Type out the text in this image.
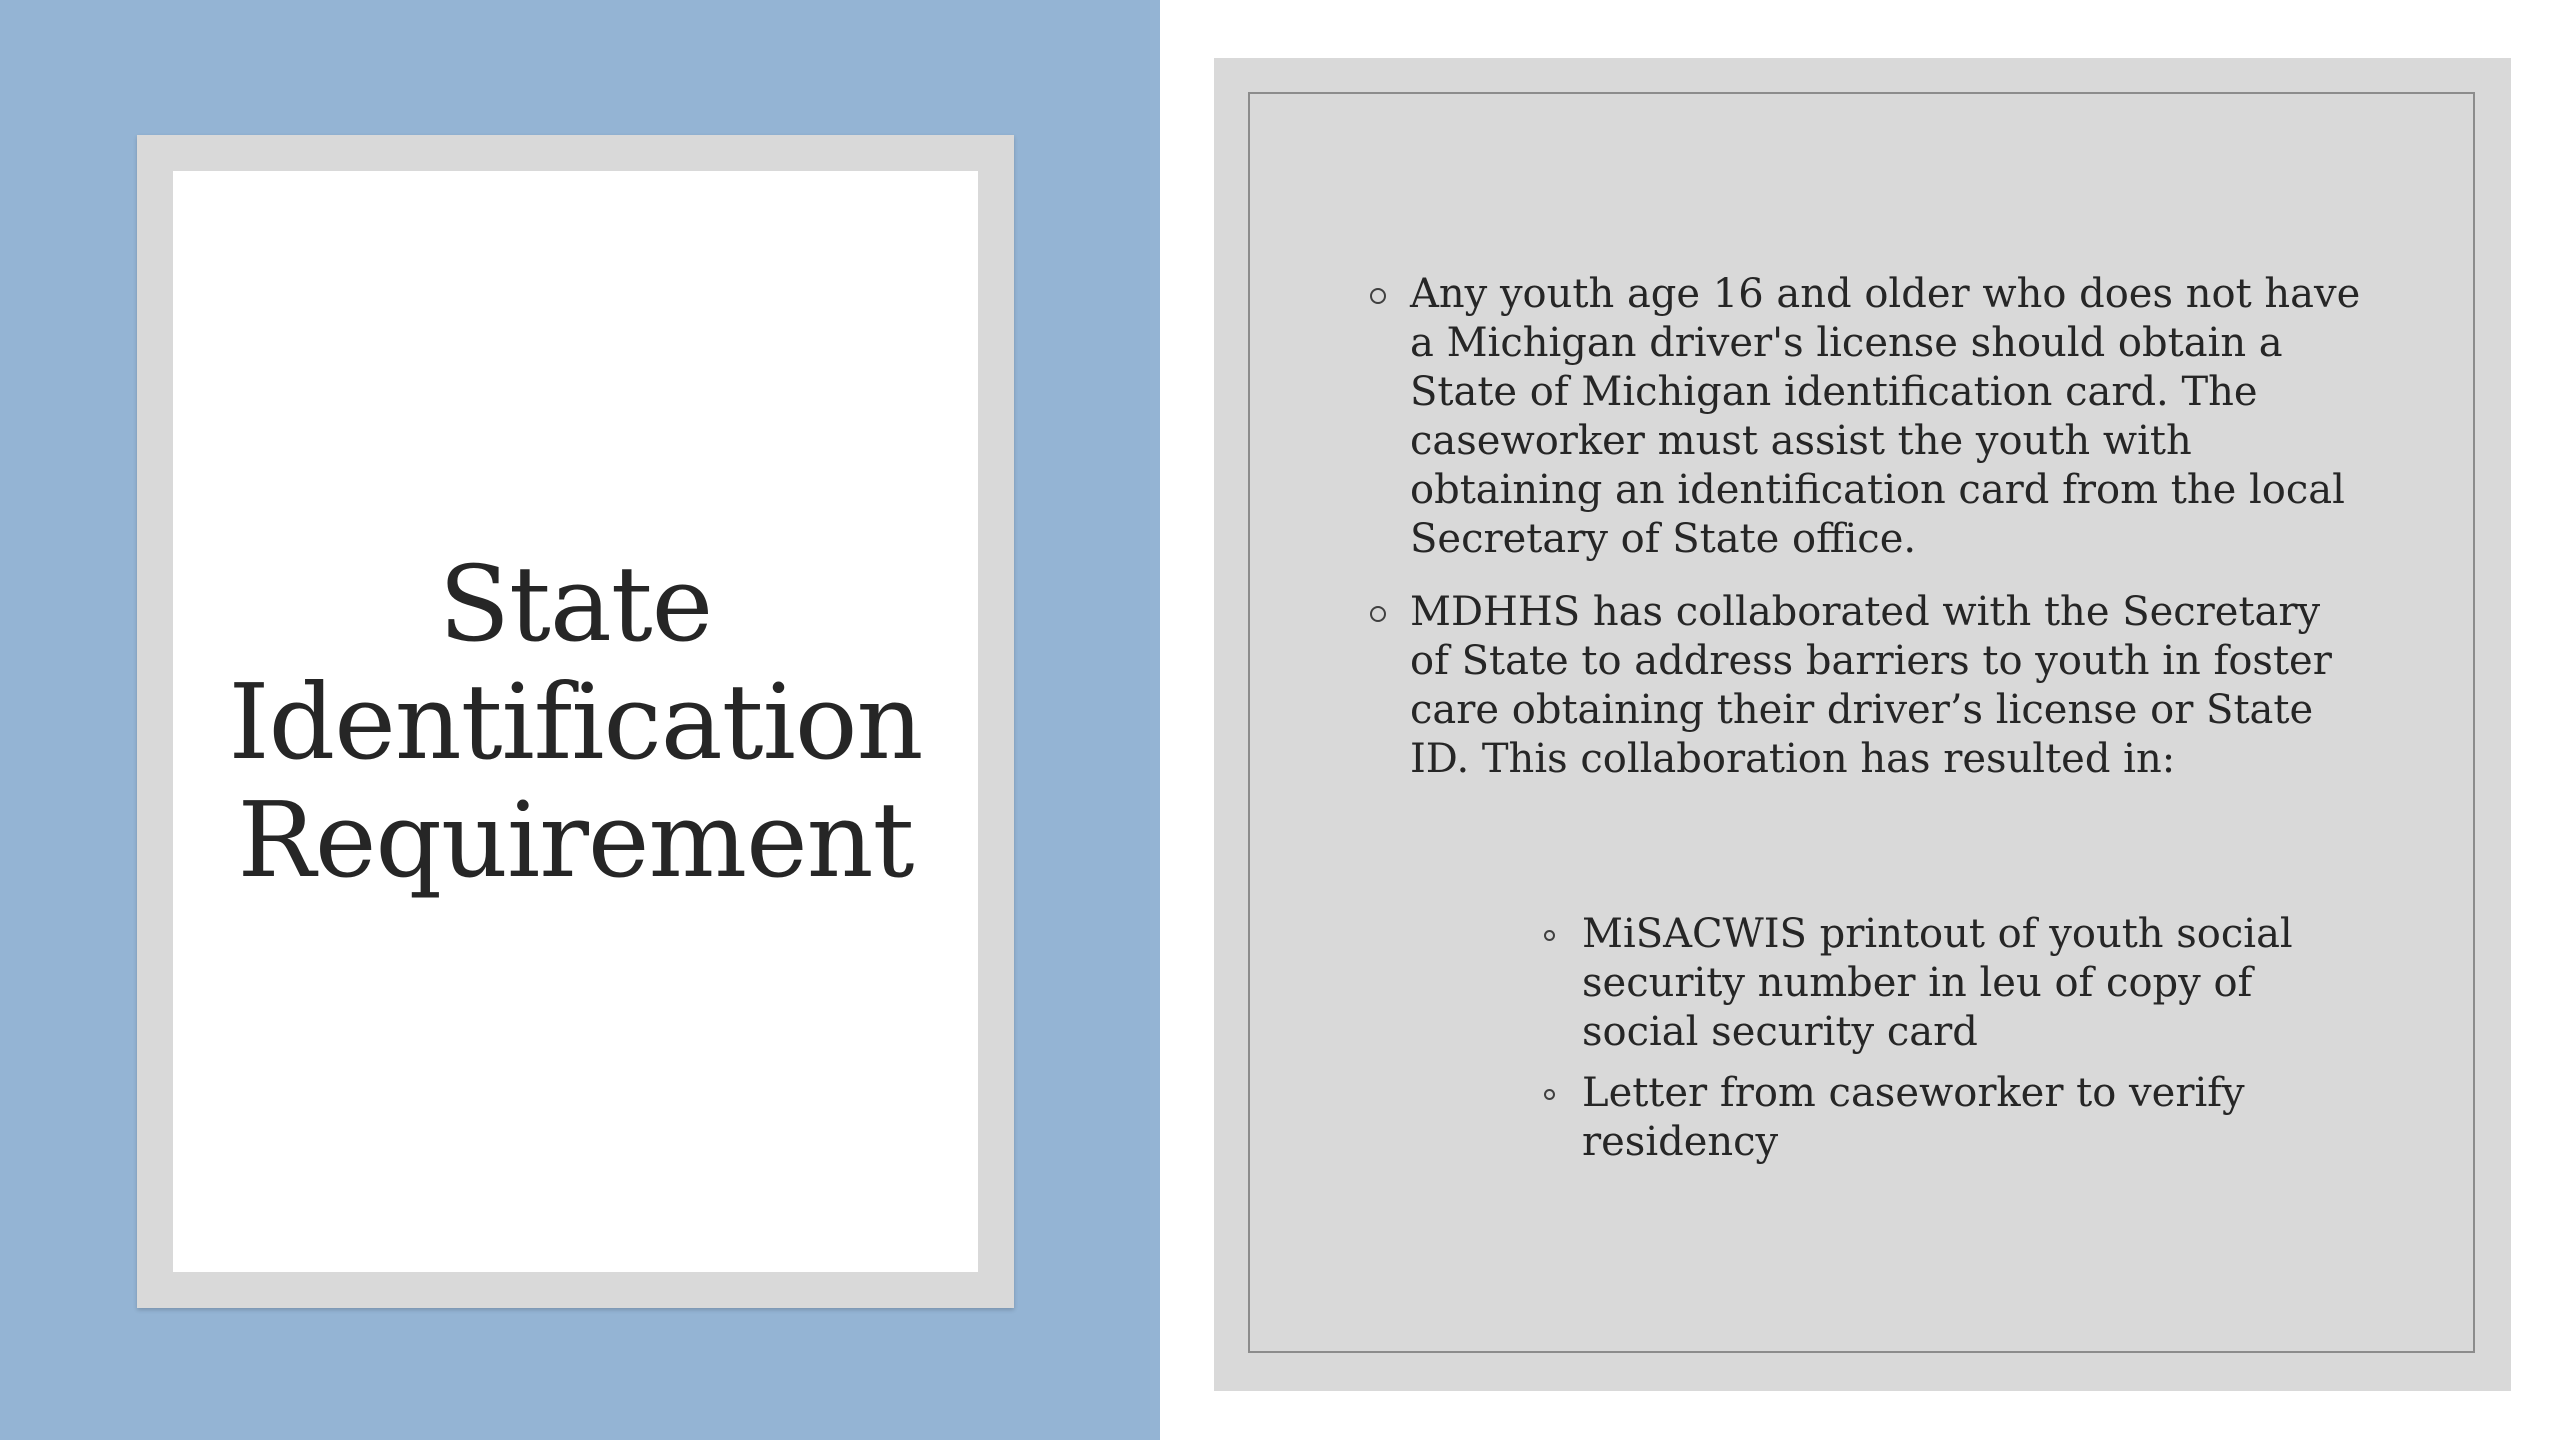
State
Identification
Requirement
Any youth age 16 and older who does not have a Michigan driver's license should obtain a State of Michigan identification card. The caseworker must assist the youth with obtaining an identification card from the local Secretary of State office.
MDHHS has collaborated with the Secretary of State to address barriers to youth in foster care obtaining their driver’s license or State ID. This collaboration has resulted in:
MiSACWIS printout of youth social security number in leu of copy of social security card
Letter from caseworker to verify residency
